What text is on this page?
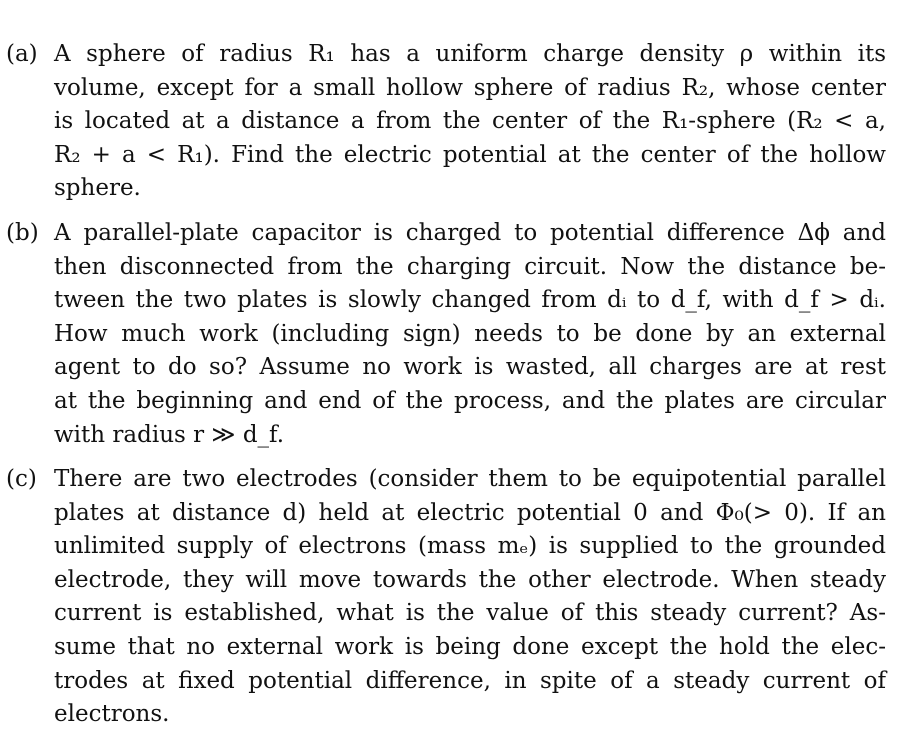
(a) A sphere of radius R₁ has a uniform charge density ρ within its
volume, except for a small hollow sphere of radius R₂, whose center
is located at a distance a from the center of the R₁-sphere (R₂ < a,
R₂ + a < R₁). Find the electric potential at the center of the hollow
sphere.
(b) A parallel-plate capacitor is charged to potential difference Δϕ and
then disconnected from the charging circuit. Now the distance be-
tween the two plates is slowly changed from dᵢ to d_f, with d_f > dᵢ.
How much work (including sign) needs to be done by an external
agent to do so? Assume no work is wasted, all charges are at rest
at the beginning and end of the process, and the plates are circular
with radius r ≫ d_f.
(c) There are two electrodes (consider them to be equipotential parallel
plates at distance d) held at electric potential 0 and Φ₀(> 0). If an
unlimited supply of electrons (mass mₑ) is supplied to the grounded
electrode, they will move towards the other electrode. When steady
current is established, what is the value of this steady current? As-
sume that no external work is being done except the hold the elec-
trodes at fixed potential difference, in spite of a steady current of
electrons.
